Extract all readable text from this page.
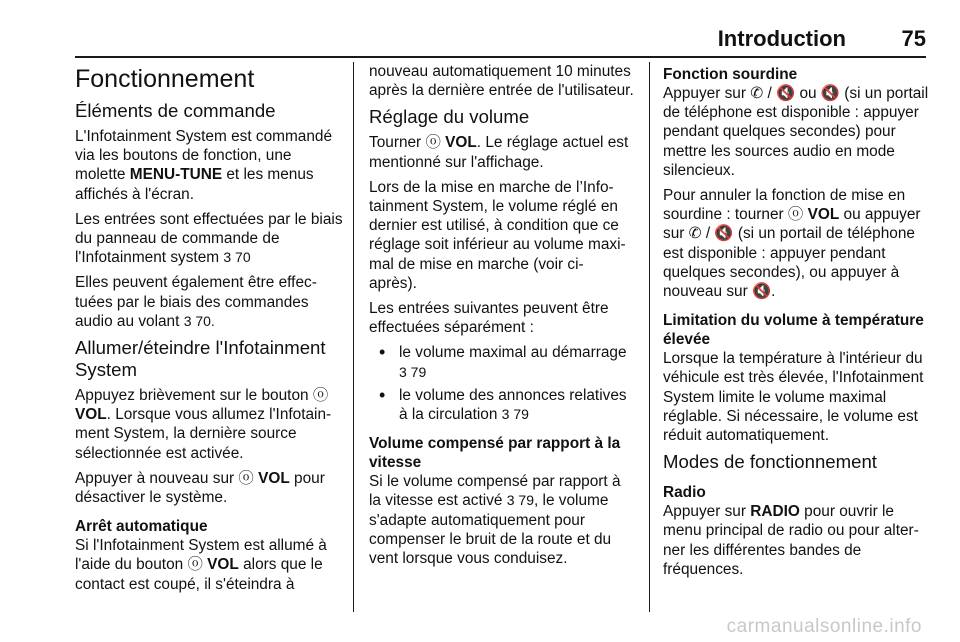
Introduction	75
Fonctionnement
Éléments de commande

L'Infotainment System est commandé via les boutons de fonction, une molette MENU-TUNE et les menus affichés à l'écran.

Les entrées sont effectuées par le biais du panneau de commande de l'Infotainment system 3 70

Elles peuvent également être effectuées par le biais des commandes audio au volant 3 70.

Allumer/éteindre l'Infotainment System

Appuyez brièvement sur le bouton ⓞ VOL. Lorsque vous allumez l'Infotainment System, la dernière source sélectionnée est activée.

Appuyer à nouveau sur ⓞ VOL pour désactiver le système.

Arrêt automatique

Si l'Infotainment System est allumé à l'aide du bouton ⓞ VOL alors que le contact est coupé, il s'éteindra à

nouveau automatiquement 10 minutes après la dernière entrée de l'utilisateur.

Réglage du volume

Tourner ⓞ VOL. Le réglage actuel est mentionné sur l'affichage.

Lors de la mise en marche de l’Infotainment System, le volume réglé en dernier est utilisé, à condition que ce réglage soit inférieur au volume maximal de mise en marche (voir ci- après).

Les entrées suivantes peuvent être effectuées séparément :

• le volume maximal au démarrage 3 79
• le volume des annonces relatives à la circulation 3 79
Volume compensé par rapport à la vitesse

Si le volume compensé par rapport à la vitesse est activé 3 79, le volume s'adapte automatiquement pour compenser le bruit de la route et du vent lorsque vous conduisez.

Fonction sourdine

Appuyer sur ✆ / 🔇 ou 🔇 (si un portail de téléphone est disponible : appuyer pendant quelques secondes) pour mettre les sources audio en mode silencieux.

Pour annuler la fonction de mise en sourdine : tourner ⓞ VOL ou appuyer sur ✆ / 🔇 (si un portail de téléphone est disponible : appuyer pendant quelques secondes), ou appuyer à nouveau sur 🔇.

Limitation du volume à température élevée

Lorsque la température à l'intérieur du véhicule est très élevée, l'Infotainment System limite le volume maximal réglable. Si nécessaire, le volume est réduit automatiquement.

Modes de fonctionnement
Radio

Appuyer sur RADIO pour ouvrir le menu principal de radio ou pour alterner les différentes bandes de fréquences.

carmanualsonline.info
